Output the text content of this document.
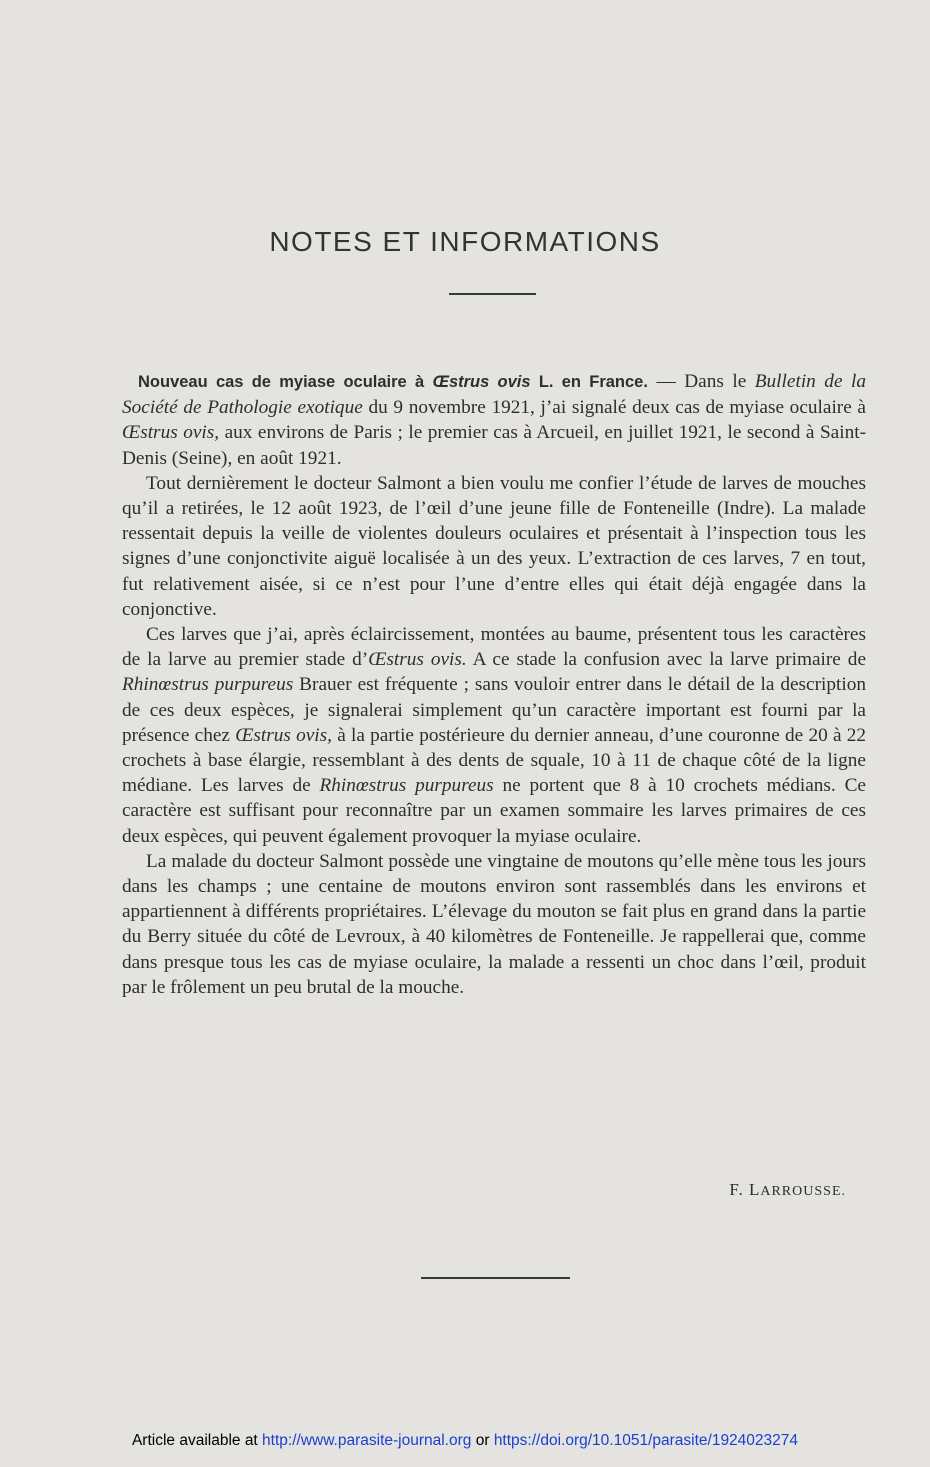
NOTES ET INFORMATIONS

Nouveau cas de myiase oculaire à Œstrus ovis L. en France. — Dans le Bulletin de la Société de Pathologie exotique du 9 novembre 1921, j’ai signalé deux cas de myiase oculaire à Œstrus ovis, aux environs de Paris ; le premier cas à Arcueil, en juillet 1921, le second à Saint-Denis (Seine), en août 1921.

Tout dernièrement le docteur Salmont a bien voulu me confier l’étude de larves de mouches qu’il a retirées, le 12 août 1923, de l’œil d’une jeune fille de Fonteneille (Indre). La malade ressentait depuis la veille de violentes douleurs oculaires et présentait à l’inspection tous les signes d’une conjonctivite aiguë localisée à un des yeux. L’extraction de ces larves, 7 en tout, fut relativement aisée, si ce n’est pour l’une d’entre elles qui était déjà engagée dans la conjonctive.

Ces larves que j’ai, après éclaircissement, montées au baume, présentent tous les caractères de la larve au premier stade d’Œstrus ovis. A ce stade la confusion avec la larve primaire de Rhinœstrus purpureus Brauer est fréquente ; sans vouloir entrer dans le détail de la description de ces deux espèces, je signalerai simplement qu’un caractère important est fourni par la présence chez Œstrus ovis, à la partie postérieure du dernier anneau, d’une couronne de 20 à 22 crochets à base élargie, ressemblant à des dents de squale, 10 à 11 de chaque côté de la ligne médiane. Les larves de Rhinœstrus purpureus ne portent que 8 à 10 crochets médians. Ce caractère est suffisant pour reconnaître par un examen sommaire les larves primaires de ces deux espèces, qui peuvent également provoquer la myiase oculaire.

La malade du docteur Salmont possède une vingtaine de moutons qu’elle mène tous les jours dans les champs ; une centaine de moutons environ sont rassemblés dans les environs et appartiennent à différents propriétaires. L’élevage du mouton se fait plus en grand dans la partie du Berry située du côté de Levroux, à 40 kilomètres de Fonteneille. Je rappellerai que, comme dans presque tous les cas de myiase oculaire, la malade a ressenti un choc dans l’œil, produit par le frôlement un peu brutal de la mouche.

F. LARROUSSE.
Article available at http://www.parasite-journal.org or https://doi.org/10.1051/parasite/1924023274
